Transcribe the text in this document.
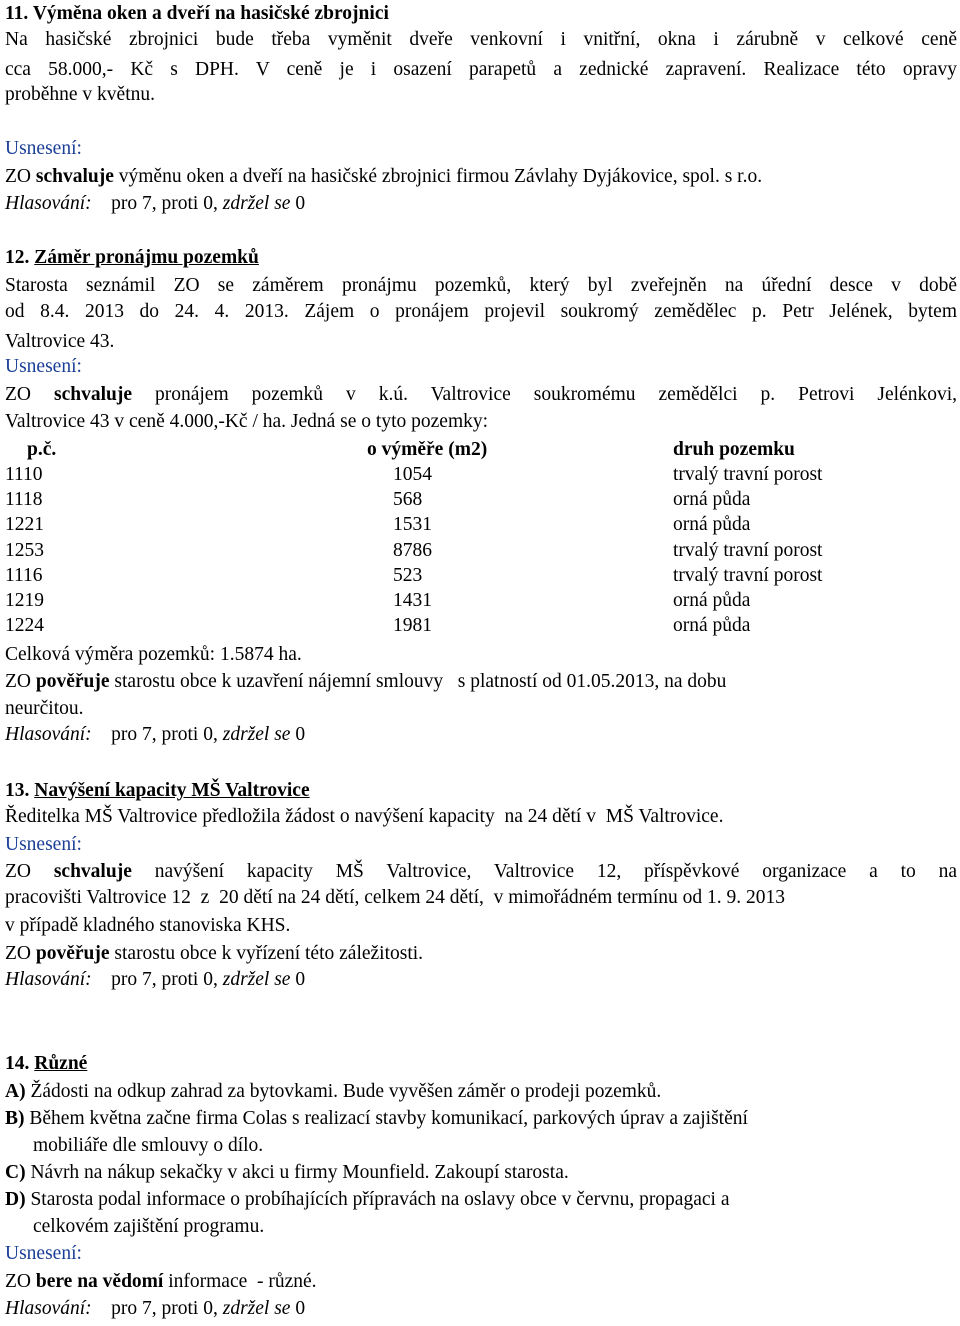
11. Výměna oken a dveří na hasičské zbrojnici
Na hasičské zbrojnici bude třeba vyměnit dveře venkovní i vnitřní, okna i zárubně v celkové ceně
cca 58.000,- Kč s DPH. V ceně je i osazení parapetů a zednické zapravení. Realizace této opravy
proběhne v květnu.
Usnesení:
ZO schvaluje výměnu oken a dveří na hasičské zbrojnici firmou Závlahy Dyjákovice, spol. s r.o.
Hlasování: pro 7, proti 0, zdržel se 0
12. Záměr pronájmu pozemků
Starosta seznámil ZO se záměrem pronájmu pozemků, který byl zveřejněn na úřední desce v době
od 8.4. 2013 do 24. 4. 2013. Zájem o pronájem projevil soukromý zemědělec p. Petr Jelének, bytem
Valtrovice 43.
Usnesení:
ZO schvaluje pronájem pozemků v k.ú. Valtrovice soukromému zemědělci p. Petrovi Jelénkovi,
Valtrovice 43 v ceně 4.000,-Kč / ha. Jedná se o tyto pozemky:
p.č.	o výměře (m2)	druh pozemku
1110	1054	trvalý travní porost
1118	568	orná půda
1221	1531	orná půda
1253	8786	trvalý travní porost
1116	523	trvalý travní porost
1219	1431	orná půda
1224	1981	orná půda
Celková výměra pozemků: 1.5874 ha.
ZO pověřuje starostu obce k uzavření nájemní smlouvy   s platností od 01.05.2013, na dobu
neurčitou.
Hlasování: pro 7, proti 0, zdržel se 0
13. Navýšení kapacity MŠ Valtrovice
Ředitelka MŠ Valtrovice předložila žádost o navýšení kapacity  na 24 dětí v  MŠ Valtrovice.
Usnesení:
ZO schvaluje navýšení kapacity MŠ Valtrovice, Valtrovice 12, příspěvkové organizace a to na
pracovišti Valtrovice 12  z  20 dětí na 24 dětí, celkem 24 dětí,  v mimořádném termínu od 1. 9. 2013
v případě kladného stanoviska KHS.
ZO pověřuje starostu obce k vyřízení této záležitosti.
Hlasování: pro 7, proti 0, zdržel se 0
14. Různé
A) Žádosti na odkup zahrad za bytovkami. Bude vyvěšen záměr o prodeji pozemků.
B) Během května začne firma Colas s realizací stavby komunikací, parkových úprav a zajištění
mobiliáře dle smlouvy o dílo.
C) Návrh na nákup sekačky v akci u firmy Mounfield. Zakoupí starosta.
D) Starosta podal informace o probíhajících přípravách na oslavy obce v červnu, propagaci a
celkovém zajištění programu.
Usnesení:
ZO bere na vědomí informace  - různé.
Hlasování: pro 7, proti 0, zdržel se 0
